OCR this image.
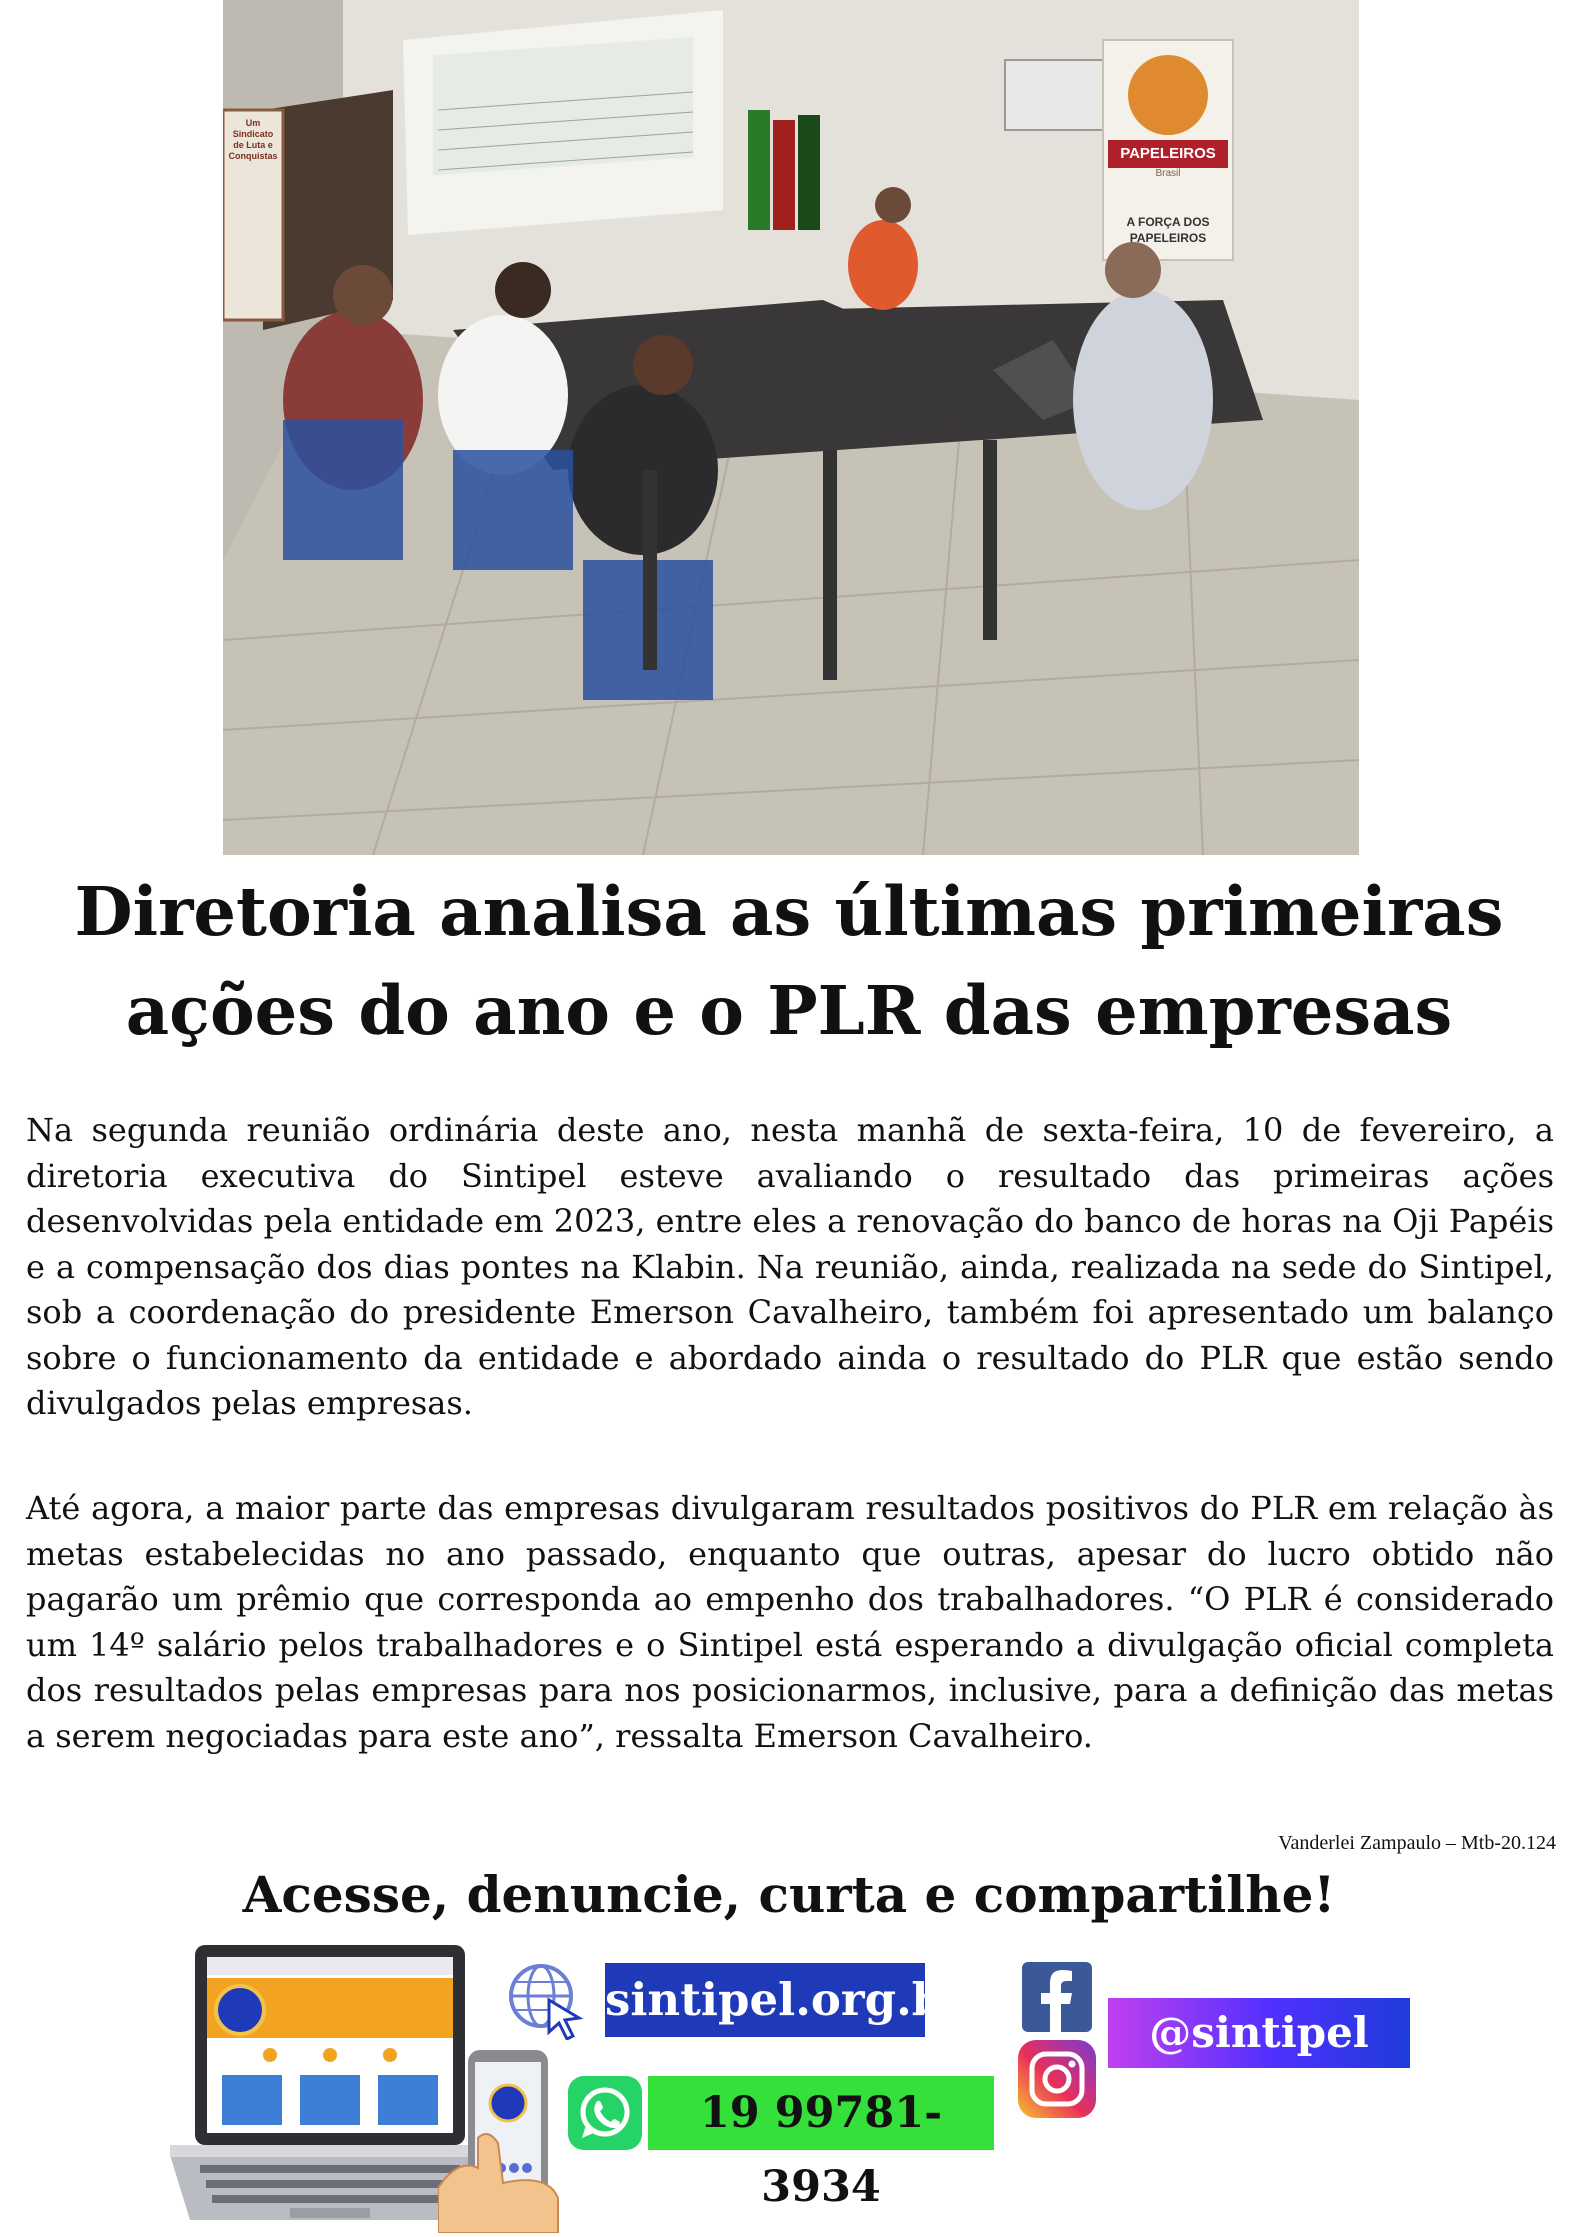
Um Sindicato
de Luta e
Conquistas	PAPELEIROS
Brasil
A FORÇA DOS
PAPELEIROS
Diretoria analisa as últimas primeiras
ações do ano e o PLR das empresas

Na segunda reunião ordinária deste ano, nesta manhã de sexta-feira, 10 de fevereiro, a diretoria executiva do Sintipel esteve avaliando o resultado das primeiras ações desenvolvidas pela entidade em 2023, entre eles a renovação do banco de horas na Oji Papéis e a compensação dos dias pontes na Klabin. Na reunião, ainda, realizada na sede do Sintipel, sob a coordenação do presidente Emerson Cavalheiro, também foi apresentado um balanço sobre o funcionamento da entidade e abordado ainda o resultado do PLR que estão sendo divulgados pelas empresas.

Até agora, a maior parte das empresas divulgaram resultados positivos do PLR em relação às metas estabelecidas no ano passado, enquanto que outras, apesar do lucro obtido não pagarão um prêmio que corresponda ao empenho dos trabalhadores. “O PLR é considerado um 14º salário pelos trabalhadores e o Sintipel está esperando a divulgação oficial completa dos resultados pelas empresas para nos posicionarmos, inclusive, para a definição das metas a serem negociadas para este ano”, ressalta Emerson Cavalheiro.

Vanderlei Zampaulo – Mtb-20.124
Acesse, denuncie, curta e compartilhe!
sintipel.org.br
19 99781-3934
@sintipel
